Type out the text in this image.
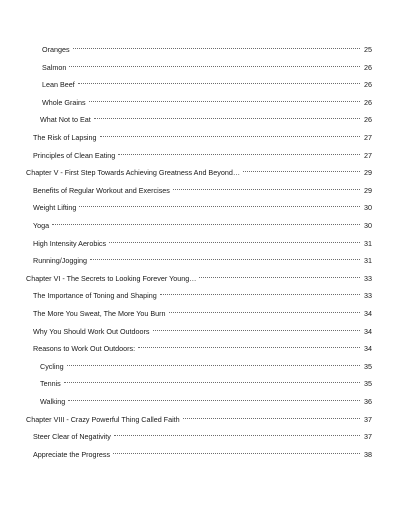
Oranges	25
Salmon	26
Lean Beef	26
Whole Grains	26
What Not to Eat	26
The Risk of Lapsing	27
Principles of Clean Eating	27
Chapter V - First Step Towards Achieving Greatness And Beyond…	29
Benefits of Regular Workout and Exercises	29
Weight Lifting	30
Yoga	30
High Intensity Aerobics	31
Running/Jogging	31
Chapter VI - The Secrets to Looking Forever Young…	33
The Importance of Toning and Shaping	33
The More You Sweat, The More You Burn	34
Why You Should Work Out Outdoors	34
Reasons to Work Out Outdoors:	34
Cycling	35
Tennis	35
Walking	36
Chapter VIII - Crazy Powerful Thing Called Faith	37
Steer Clear of Negativity	37
Appreciate the Progress	38
